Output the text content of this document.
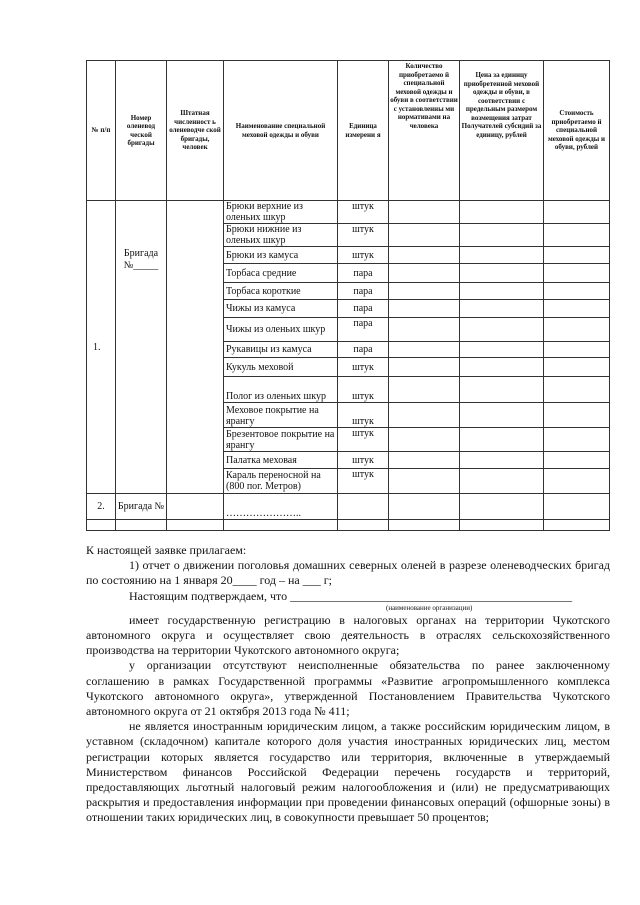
№ п/п	Номер оленевод ческой бригады	Штатная численност ь оленеводче ской бригады, человек	Наименование специальной меховой одежды и обуви	Единица измерени я	Количество приобретаемо й специальной меховой одежды и обуви в соответствии с установленны ми нормативами на человека	Цена за единицу приобретенной меховой одежды и обуви, в соответствии с предельным размером возмещения затрат Получателей субсидий за единицу, рублей	Стоимость приобретаемо й специальной меховой одежды и обуви, рублей
1.	Бригада №_____		Брюки верхние из оленьих шкур	штук			
			Брюки нижние из оленьих шкур	штук			
			Брюки из камуса	штук			
			Торбаса средние	пара			
			Торбаса короткие	пара			
			Чижы из камуса	пара			
			Чижы из оленьих шкур	пара			
			Рукавицы из камуса	пара			
			Кукуль меховой	штук			
			Полог из оленьих шкур	штук			
			Меховое покрытие на ярангу	штук			
			Брезентовое покрытие на ярангу	штук			
			Палатка меховая	штук			
			Караль переносной на (800 пог. Метров)	штук			
2.	Бригада №		…………………..				

К настоящей заявке прилагаем:

1) отчет о движении поголовья домашних северных оленей в разрезе оленеводческих бригад по состоянию на 1 января 20____ год – на ___ г;

Настоящим подтверждаем, что _______________________________________________

(наименование организации)

имеет государственную регистрацию в налоговых органах на территории Чукотского автономного округа и осуществляет свою деятельность в отраслях сельскохозяйственного производства на территории Чукотского автономного округа;

у организации отсутствуют неисполненные обязательства по ранее заключенному соглашению в рамках Государственной программы «Развитие агропромышленного комплекса Чукотского автономного округа», утвержденной Постановлением Правительства Чукотского автономного округа от 21 октября 2013 года № 411;

не является иностранным юридическим лицом, а также российским юридическим лицом, в уставном (складочном) капитале которого доля участия иностранных юридических лиц, местом регистрации которых является государство или территория, включенные в утверждаемый Министерством финансов Российской Федерации перечень государств и территорий, предоставляющих льготный налоговый режим налогообложения и (или) не предусматривающих раскрытия и предоставления информации при проведении финансовых операций (офшорные зоны) в отношении таких юридических лиц, в совокупности превышает 50 процентов;
